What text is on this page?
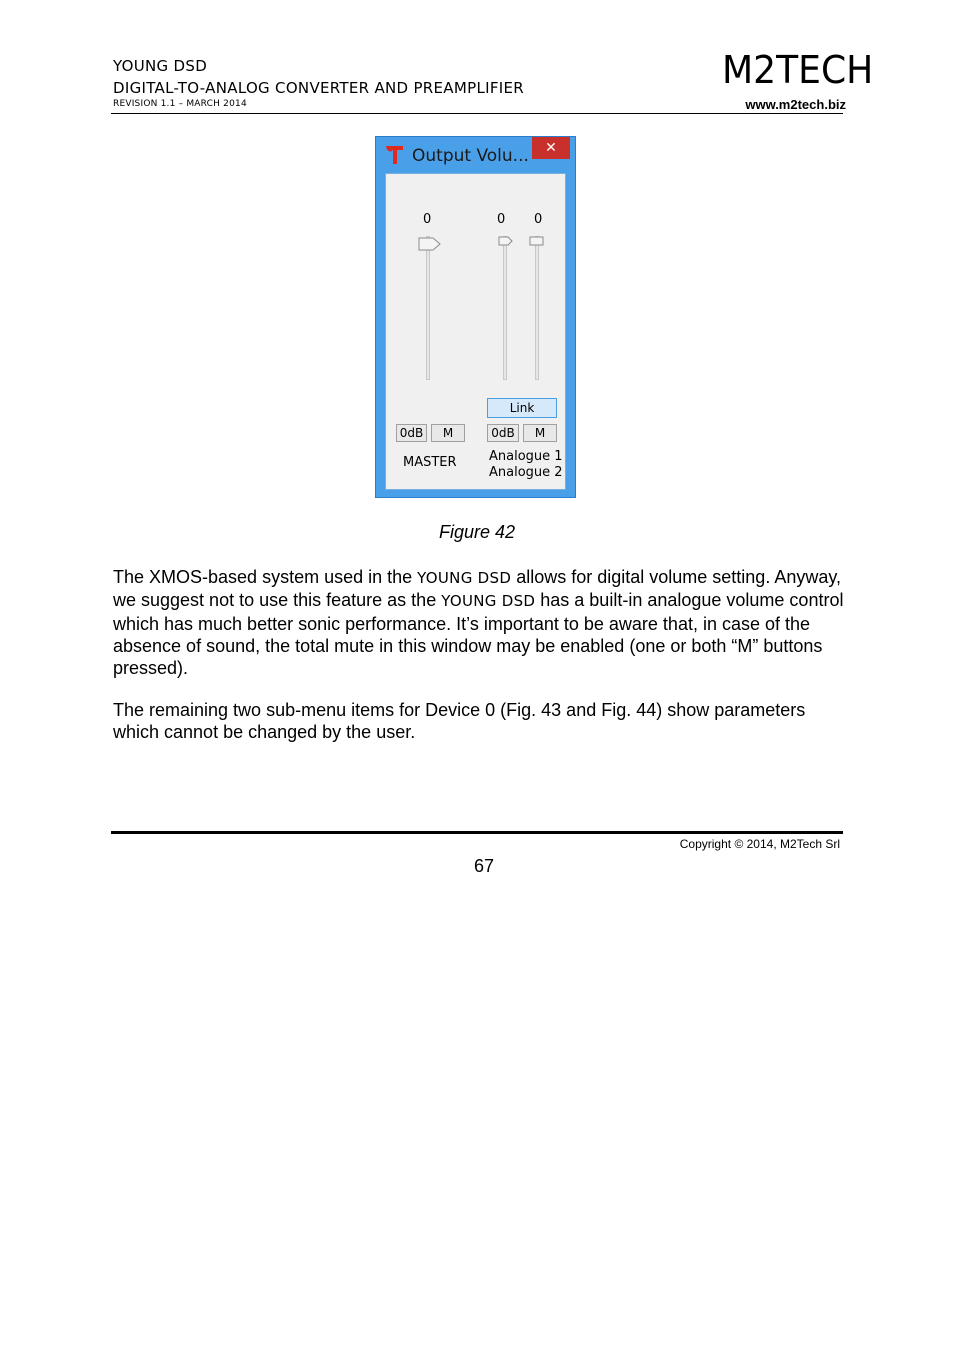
YOUNG DSD
DIGITAL-TO-ANALOG CONVERTER AND PREAMPLIFIER
REVISION 1.1 – MARCH 2014
M2TECH
www.m2tech.biz
Output Volu...	✕
0	0 0
Link
0dB	M	0dB	M
MASTER Analogue 1
Analogue 2
Figure 42
The XMOS-based system used in the YOUNG DSD allows for digital volume setting. Anyway, we suggest not to use this feature as the YOUNG DSD has a built-in analogue volume control which has much better sonic performance. It’s important to be aware that, in case of the absence of sound, the total mute in this window may be enabled (one or both “M” buttons pressed).
The remaining two sub-menu items for Device 0 (Fig. 43 and Fig. 44) show parameters which cannot be changed by the user.
Copyright © 2014, M2Tech Srl
67
